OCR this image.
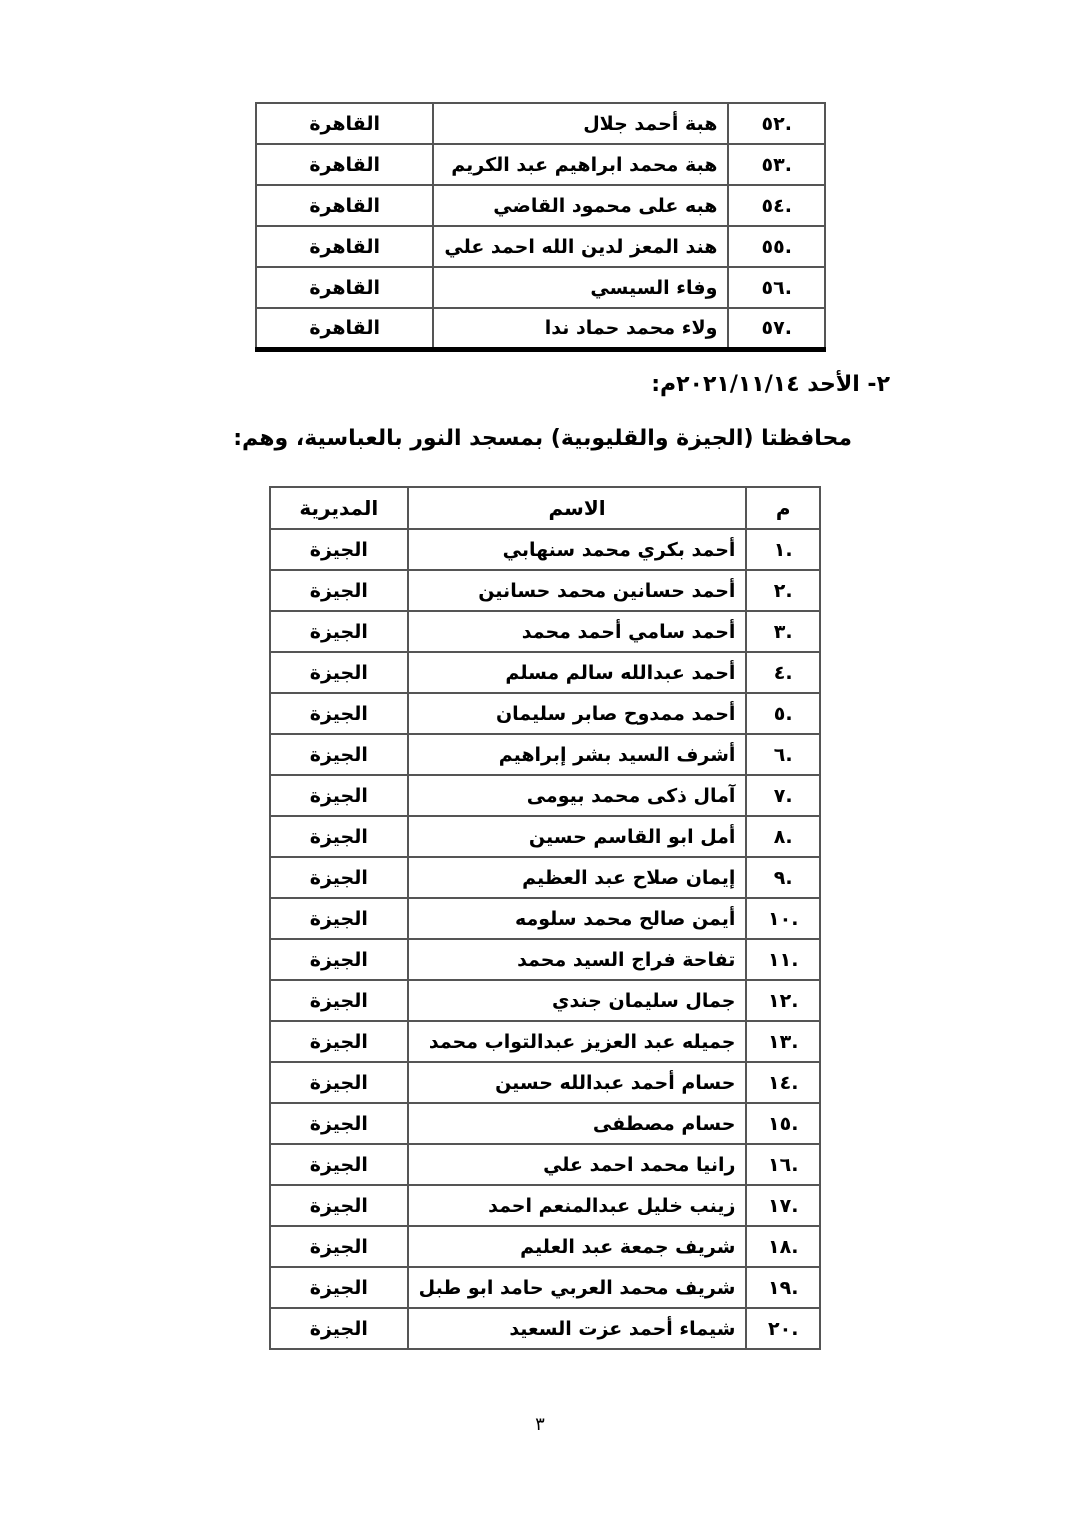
.٥٢	هبة أحمد جلال	القاهرة
.٥٣	هبة محمد ابراهيم عبد الكريم	القاهرة
.٥٤	هبه على محمود القاضي	القاهرة
.٥٥	هند المعز لدين الله احمد علي	القاهرة
.٥٦	وفاء السيسي	القاهرة
.٥٧	ولاء محمد حماد ندا	القاهرة
٢- الأحد ٢٠٢١/١١/١٤م:
محافظتا (الجيزة والقليوبية) بمسجد النور بالعباسية، وهم:
م	الاسم	المديرية
.١	أحمد بكري محمد سنهابي	الجيزة
.٢	أحمد حسانين محمد حسانين	الجيزة
.٣	أحمد سامي أحمد محمد	الجيزة
.٤	أحمد عبدالله سالم مسلم	الجيزة
.٥	أحمد ممدوح صابر سليمان	الجيزة
.٦	أشرف السيد بشر إبراهيم	الجيزة
.٧	آمال ذكى محمد بيومى	الجيزة
.٨	أمل ابو القاسم حسين	الجيزة
.٩	إيمان صلاح عبد العظيم	الجيزة
.١٠	أيمن صالح محمد سلومه	الجيزة
.١١	تفاحة فراج السيد محمد	الجيزة
.١٢	جمال سليمان جندي	الجيزة
.١٣	جميله عبد العزيز عبدالتواب محمد	الجيزة
.١٤	حسام أحمد عبدالله حسين	الجيزة
.١٥	حسام مصطفى	الجيزة
.١٦	رانيا محمد احمد علي	الجيزة
.١٧	زينب خليل عبدالمنعم احمد	الجيزة
.١٨	شريف جمعة عبد العليم	الجيزة
.١٩	شريف محمد العربي حامد ابو طبل	الجيزة
.٢٠	شيماء أحمد عزت السعيد	الجيزة
٣
